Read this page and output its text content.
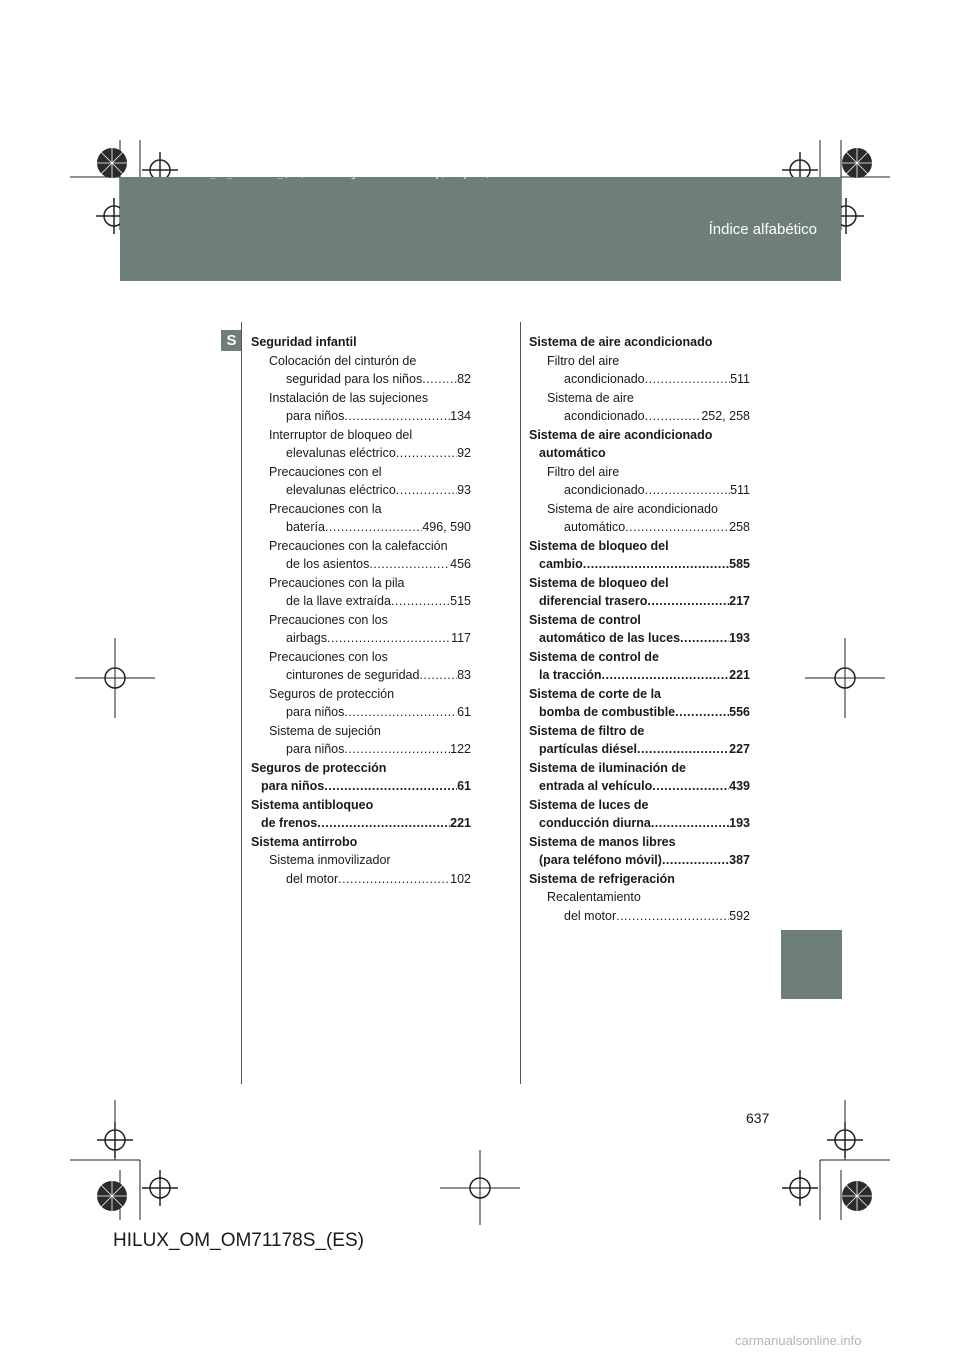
Índice alfabético
HILUX_OM_OM71178S_(ES).book Page 637 Wednesday, May 16, 2012 3:09 PM
S	Seguridad infantil
Colocación del cinturón de
seguridad para los niños .....	82
Instalación de las sujeciones
para niños .....	134
Interruptor de bloqueo del
elevalunas eléctrico .....	92
Precauciones con el
elevalunas eléctrico .....	93
Precauciones con la
batería .....	496, 590
Precauciones con la calefacción
de los asientos .....	456
Precauciones con la pila
de la llave extraída .....	515
Precauciones con los
airbags .....	117
Precauciones con los
cinturones de seguridad .....	83
Seguros de protección
para niños .....	61
Sistema de sujeción
para niños .....	122
Seguros de protección
para niños .....	61
Sistema antibloqueo
de frenos .....	221
Sistema antirrobo
Sistema inmovilizador
del motor .....	102
Sistema de aire acondicionado
Filtro del aire
acondicionado .....	511
Sistema de aire
acondicionado .....	252, 258
Sistema de aire acondicionado
automático
Filtro del aire
acondicionado .....	511
Sistema de aire acondicionado
automático .....	258
Sistema de bloqueo del
cambio .....	585
Sistema de bloqueo del
diferencial trasero .....	217
Sistema de control
automático de las luces .....	193
Sistema de control de
la tracción .....	221
Sistema de corte de la
bomba de combustible .....	556
Sistema de filtro de
partículas diésel .....	227
Sistema de iluminación de
entrada al vehículo .....	439
Sistema de luces de
conducción diurna .....	193
Sistema de manos libres
(para teléfono móvil) .....	387
Sistema de refrigeración
Recalentamiento
del motor .....	592
637
HILUX_OM_OM71178S_(ES)
carmanualsonline.info
